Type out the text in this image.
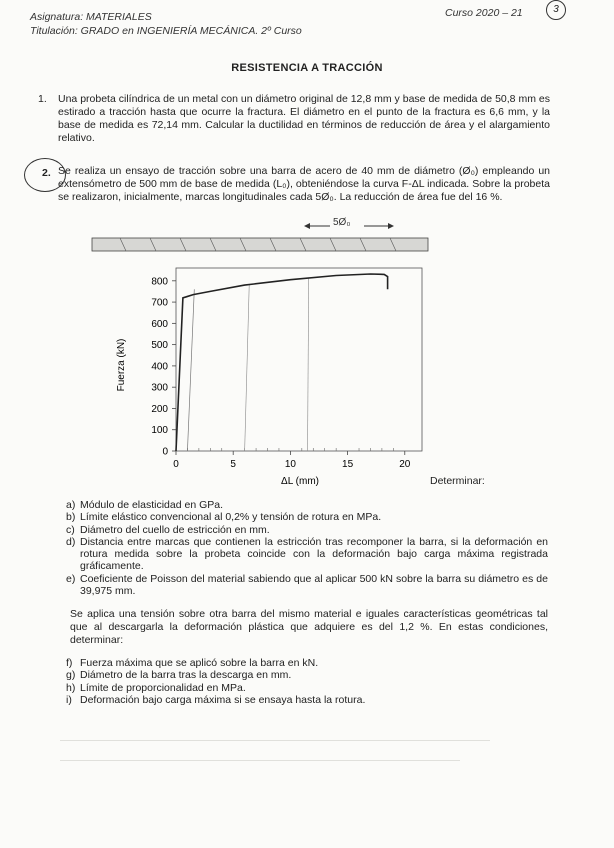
Asignatura: MATERIALES
Titulación: GRADO en INGENIERÍA MECÁNICA. 2º Curso
Curso 2020 – 21	3
RESISTENCIA A TRACCIÓN
1. Una probeta cilíndrica de un metal con un diámetro original de 12,8 mm y base de medida de 50,8 mm es estirado a tracción hasta que ocurre la fractura. El diámetro en el punto de la fractura es 6,6 mm, y la base de medida es 72,14 mm. Calcular la ductilidad en términos de reducción de área y el alargamiento relativo.

2. Se realiza un ensayo de tracción sobre una barra de acero de 40 mm de diámetro (Ø₀) empleando un extensómetro de 500 mm de base de medida (L₀), obteniéndose la curva F-ΔL indicada. Sobre la probeta se realizaron, inicialmente, marcas longitudinales cada 5Ø₀. La reducción de área fue del 16 %.

0
100
200
300
400
500
600
700
800
0	5	10	15	20
Fuerza (kN)
ΔL (mm)
5Ø₀
Determinar:
a) Módulo de elasticidad en GPa.
b) Límite elástico convencional al 0,2% y tensión de rotura en MPa.
c) Diámetro del cuello de estricción en mm.
d) Distancia entre marcas que contienen la estricción tras recomponer la barra, si la deformación en rotura medida sobre la probeta coincide con la deformación bajo carga máxima registrada gráficamente.
e) Coeficiente de Poisson del material sabiendo que al aplicar 500 kN sobre la barra su diámetro es de 39,975 mm.

Se aplica una tensión sobre otra barra del mismo material e iguales características geométricas tal que al descargarla la deformación plástica que adquiere es del 1,2 %. En estas condiciones, determinar:

f) Fuerza máxima que se aplicó sobre la barra en kN.
g) Diámetro de la barra tras la descarga en mm.
h) Límite de proporcionalidad en MPa.
i) Deformación bajo carga máxima si se ensaya hasta la rotura.
